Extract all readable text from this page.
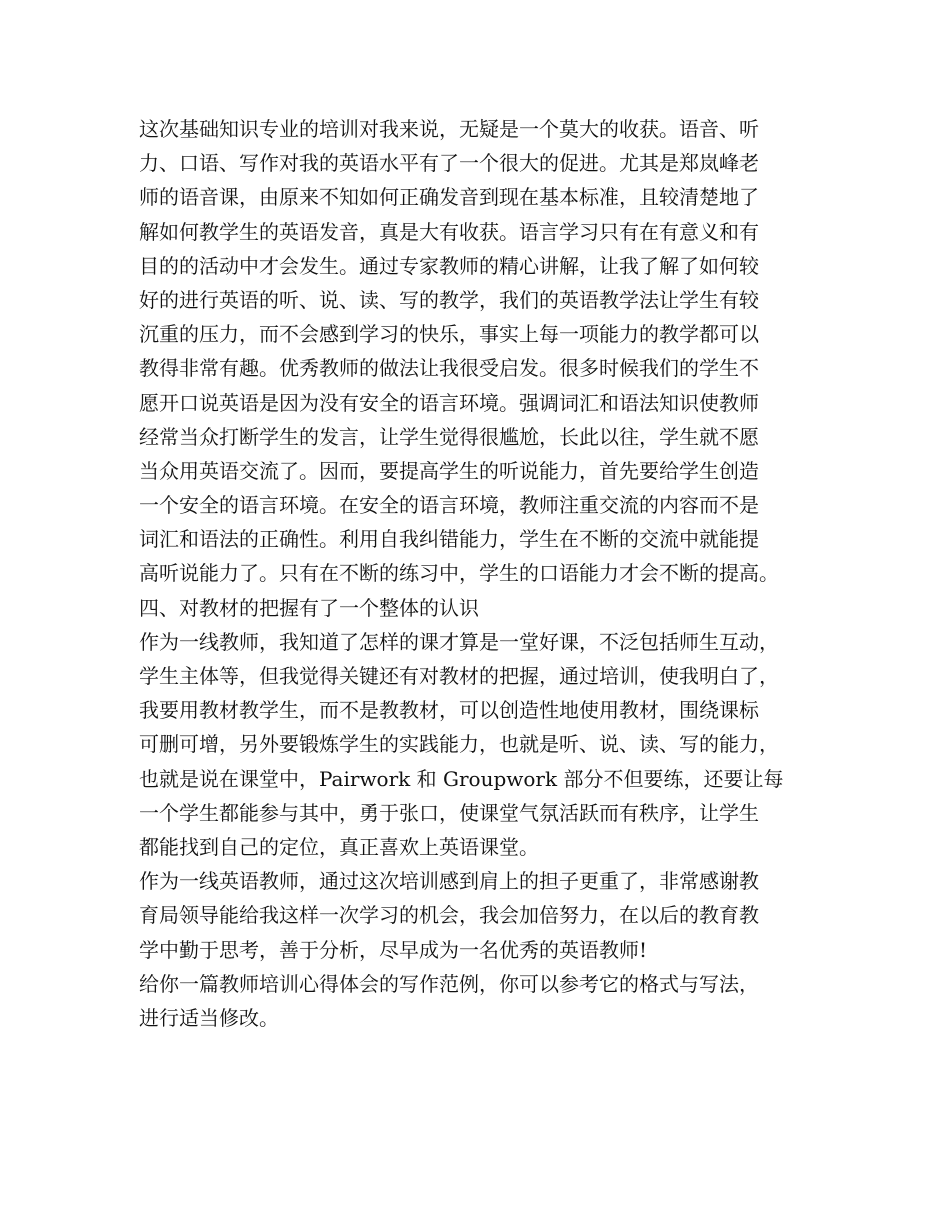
这次基础知识专业的培训对我来说，无疑是一个莫大的收获。语音、听
力、口语、写作对我的英语水平有了一个很大的促进。尤其是郑岚峰老
师的语音课，由原来不知如何正确发音到现在基本标准，且较清楚地了
解如何教学生的英语发音，真是大有收获。语言学习只有在有意义和有
目的的活动中才会发生。通过专家教师的精心讲解，让我了解了如何较
好的进行英语的听、说、读、写的教学，我们的英语教学法让学生有较
沉重的压力，而不会感到学习的快乐，事实上每一项能力的教学都可以
教得非常有趣。优秀教师的做法让我很受启发。很多时候我们的学生不
愿开口说英语是因为没有安全的语言环境。强调词汇和语法知识使教师
经常当众打断学生的发言，让学生觉得很尴尬，长此以往，学生就不愿
当众用英语交流了。因而，要提高学生的听说能力，首先要给学生创造
一个安全的语言环境。在安全的语言环境，教师注重交流的内容而不是
词汇和语法的正确性。利用自我纠错能力，学生在不断的交流中就能提
高听说能力了。只有在不断的练习中，学生的口语能力才会不断的提高。
四、对教材的把握有了一个整体的认识
作为一线教师，我知道了怎样的课才算是一堂好课，不泛包括师生互动，
学生主体等，但我觉得关键还有对教材的把握，通过培训，使我明白了，
我要用教材教学生，而不是教教材，可以创造性地使用教材，围绕课标
可删可增，另外要锻炼学生的实践能力，也就是听、说、读、写的能力，
也就是说在课堂中，Pairwork 和 Groupwork 部分不但要练，还要让每
一个学生都能参与其中，勇于张口，使课堂气氛活跃而有秩序，让学生
都能找到自己的定位，真正喜欢上英语课堂。
作为一线英语教师，通过这次培训感到肩上的担子更重了，非常感谢教
育局领导能给我这样一次学习的机会，我会加倍努力，在以后的教育教
学中勤于思考，善于分析，尽早成为一名优秀的英语教师!
给你一篇教师培训心得体会的写作范例，你可以参考它的格式与写法，
进行适当修改。
